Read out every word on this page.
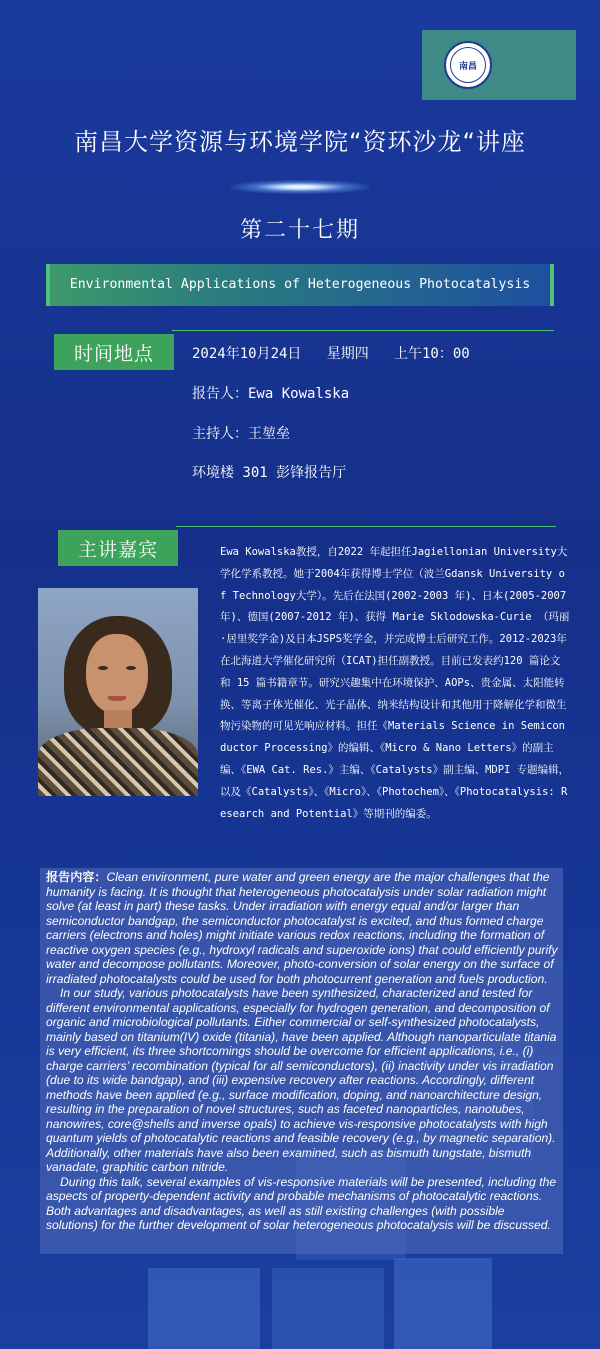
南昌
南昌大学资源与环境学院“资环沙龙“讲座
第二十七期
Environmental Applications of Heterogeneous Photocatalysis
时间地点	2024年10月24日   星期四   上午10：00
报告人：Ewa Kowalska
主持人：王堃垒
环境楼 301 彭锋报告厅
主讲嘉宾	Ewa Kowalska教授，自2022 年起担任Jagiellonian University大学化学系教授。她于2004年获得博士学位（波兰Gdansk University of Technology大学）。先后在法国(2002-2003 年)、日本(2005-2007年)、德国(2007-2012 年)、获得 Marie Sklodowska-Curie （玛丽·居里奖学金)及日本JSPS奖学金，并完成博士后研究工作。2012-2023年在北海道大学催化研究所（ICAT)担任副教授。目前已发表约120 篇论文和 15 篇书籍章节。研究兴趣集中在环境保护、AOPs、贵金属、太阳能转换、等离子体光催化、光子晶体、纳米结构设计和其他用于降解化学和微生物污染物的可见光响应材料。担任《Materials Science in Semiconductor Processing》的编辑、《Micro & Nano Letters》的副主编、《EWA Cat. Res.》主编、《Catalysts》副主编、MDPI 专题编辑，以及《Catalysts》、《Micro》、《Photochem》、《Photocatalysis: Research and Potential》等期刊的编委。

报告内容：Clean environment, pure water and green energy are the major challenges that the humanity is facing. It is thought that heterogeneous photocatalysis under solar radiation might solve (at least in part) these tasks. Under irradiation with energy equal and/or larger than semiconductor bandgap, the semiconductor photocatalyst is excited, and thus formed charge carriers (electrons and holes) might initiate various redox reactions, including the formation of reactive oxygen species (e.g., hydroxyl radicals and superoxide ions) that could efficiently purify water and decompose pollutants. Moreover, photo-conversion of solar energy on the surface of irradiated photocatalysts could be used for both photocurrent generation and fuels production.

In our study, various photocatalysts have been synthesized, characterized and tested for different environmental applications, especially for hydrogen generation, and decomposition of organic and microbiological pollutants. Either commercial or self-synthesized photocatalysts, mainly based on titanium(IV) oxide (titania), have been applied. Although nanoparticulate titania is very efficient, its three shortcomings should be overcome for efficient applications, i.e., (i) charge carriers’ recombination (typical for all semiconductors), (ii) inactivity under vis irradiation (due to its wide bandgap), and (iii) expensive recovery after reactions. Accordingly, different methods have been applied (e.g., surface modification, doping, and nanoarchitecture design, resulting in the preparation of novel structures, such as faceted nanoparticles, nanotubes, nanowires, core@shells and inverse opals) to achieve vis-responsive photocatalysts with high quantum yields of photocatalytic reactions and feasible recovery (e.g., by magnetic separation). Additionally, other materials have also been examined, such as bismuth tungstate, bismuth vanadate, graphitic carbon nitride.

During this talk, several examples of vis-responsive materials will be presented, including the aspects of property-dependent activity and probable mechanisms of photocatalytic reactions. Both advantages and disadvantages, as well as still existing challenges (with possible solutions) for the further development of solar heterogeneous photocatalysis will be discussed.
